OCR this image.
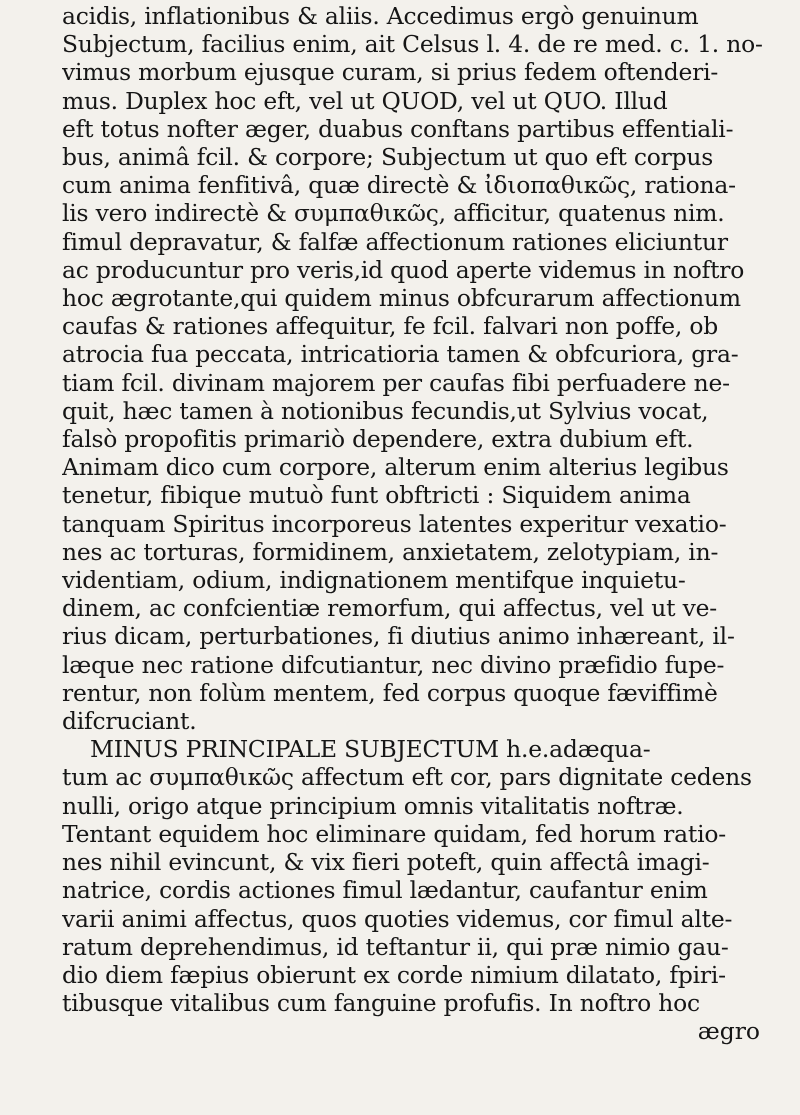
acidis, inflationibus & aliis. Accedimus ergò genuinum

Subjectum, facilius enim, ait Celsus l. 4. de re med. c. 1. no-

vimus morbum ejusque curam, si prius fedem oftenderi-

mus. Duplex hoc eft, vel ut QUOD, vel ut QUO. Illud

eft totus nofter æger, duabus conftans partibus effentiali-

bus, animâ fcil. & corpore; Subjectum ut quo eft corpus

cum anima fenfitivâ, quæ directè & ἰδιοπαθικῶς, rationa-

lis vero indirectè & συμπαθικῶς, afficitur, quatenus nim.

fimul depravatur, & falfæ affectionum rationes eliciuntur

ac producuntur pro veris,id quod aperte videmus in noftro

hoc ægrotante,qui quidem minus obfcurarum affectionum

caufas & rationes affequitur, fe fcil. falvari non poffe, ob

atrocia fua peccata, intricatioria tamen & obfcuriora, gra-

tiam fcil. divinam majorem per caufas fibi perfuadere ne-

quit, hæc tamen à notionibus fecundis,ut Sylvius vocat,

falsò propofitis primariò dependere, extra dubium eft.

Animam dico cum corpore, alterum enim alterius legibus

tenetur, fibique mutuò funt obftricti : Siquidem anima

tanquam Spiritus incorporeus latentes experitur vexatio-

nes ac torturas, formidinem, anxietatem, zelotypiam, in-

videntiam, odium, indignationem mentifque inquietu-

dinem, ac confcientiæ remorfum, qui affectus, vel ut ve-

rius dicam, perturbationes, fi diutius animo inhæreant, il-

læque nec ratione difcutiantur, nec divino præfidio fupe-

rentur, non folùm mentem, fed corpus quoque fæviffimè

difcruciant.

MINUS PRINCIPALE SUBJECTUM h.e.adæqua-

tum ac συμπαθικῶς affectum eft cor, pars dignitate cedens

nulli, origo atque principium omnis vitalitatis noftræ.

Tentant equidem hoc eliminare quidam, fed horum ratio-

nes nihil evincunt, & vix fieri poteft, quin affectâ imagi-

natrice, cordis actiones fimul lædantur, caufantur enim

varii animi affectus, quos quoties videmus, cor fimul alte-

ratum deprehendimus, id teftantur ii, qui præ nimio gau-

dio diem fæpius obierunt ex corde nimium dilatato, fpiri-

tibusque vitalibus cum fanguine profufis. In noftro hoc

ægro
